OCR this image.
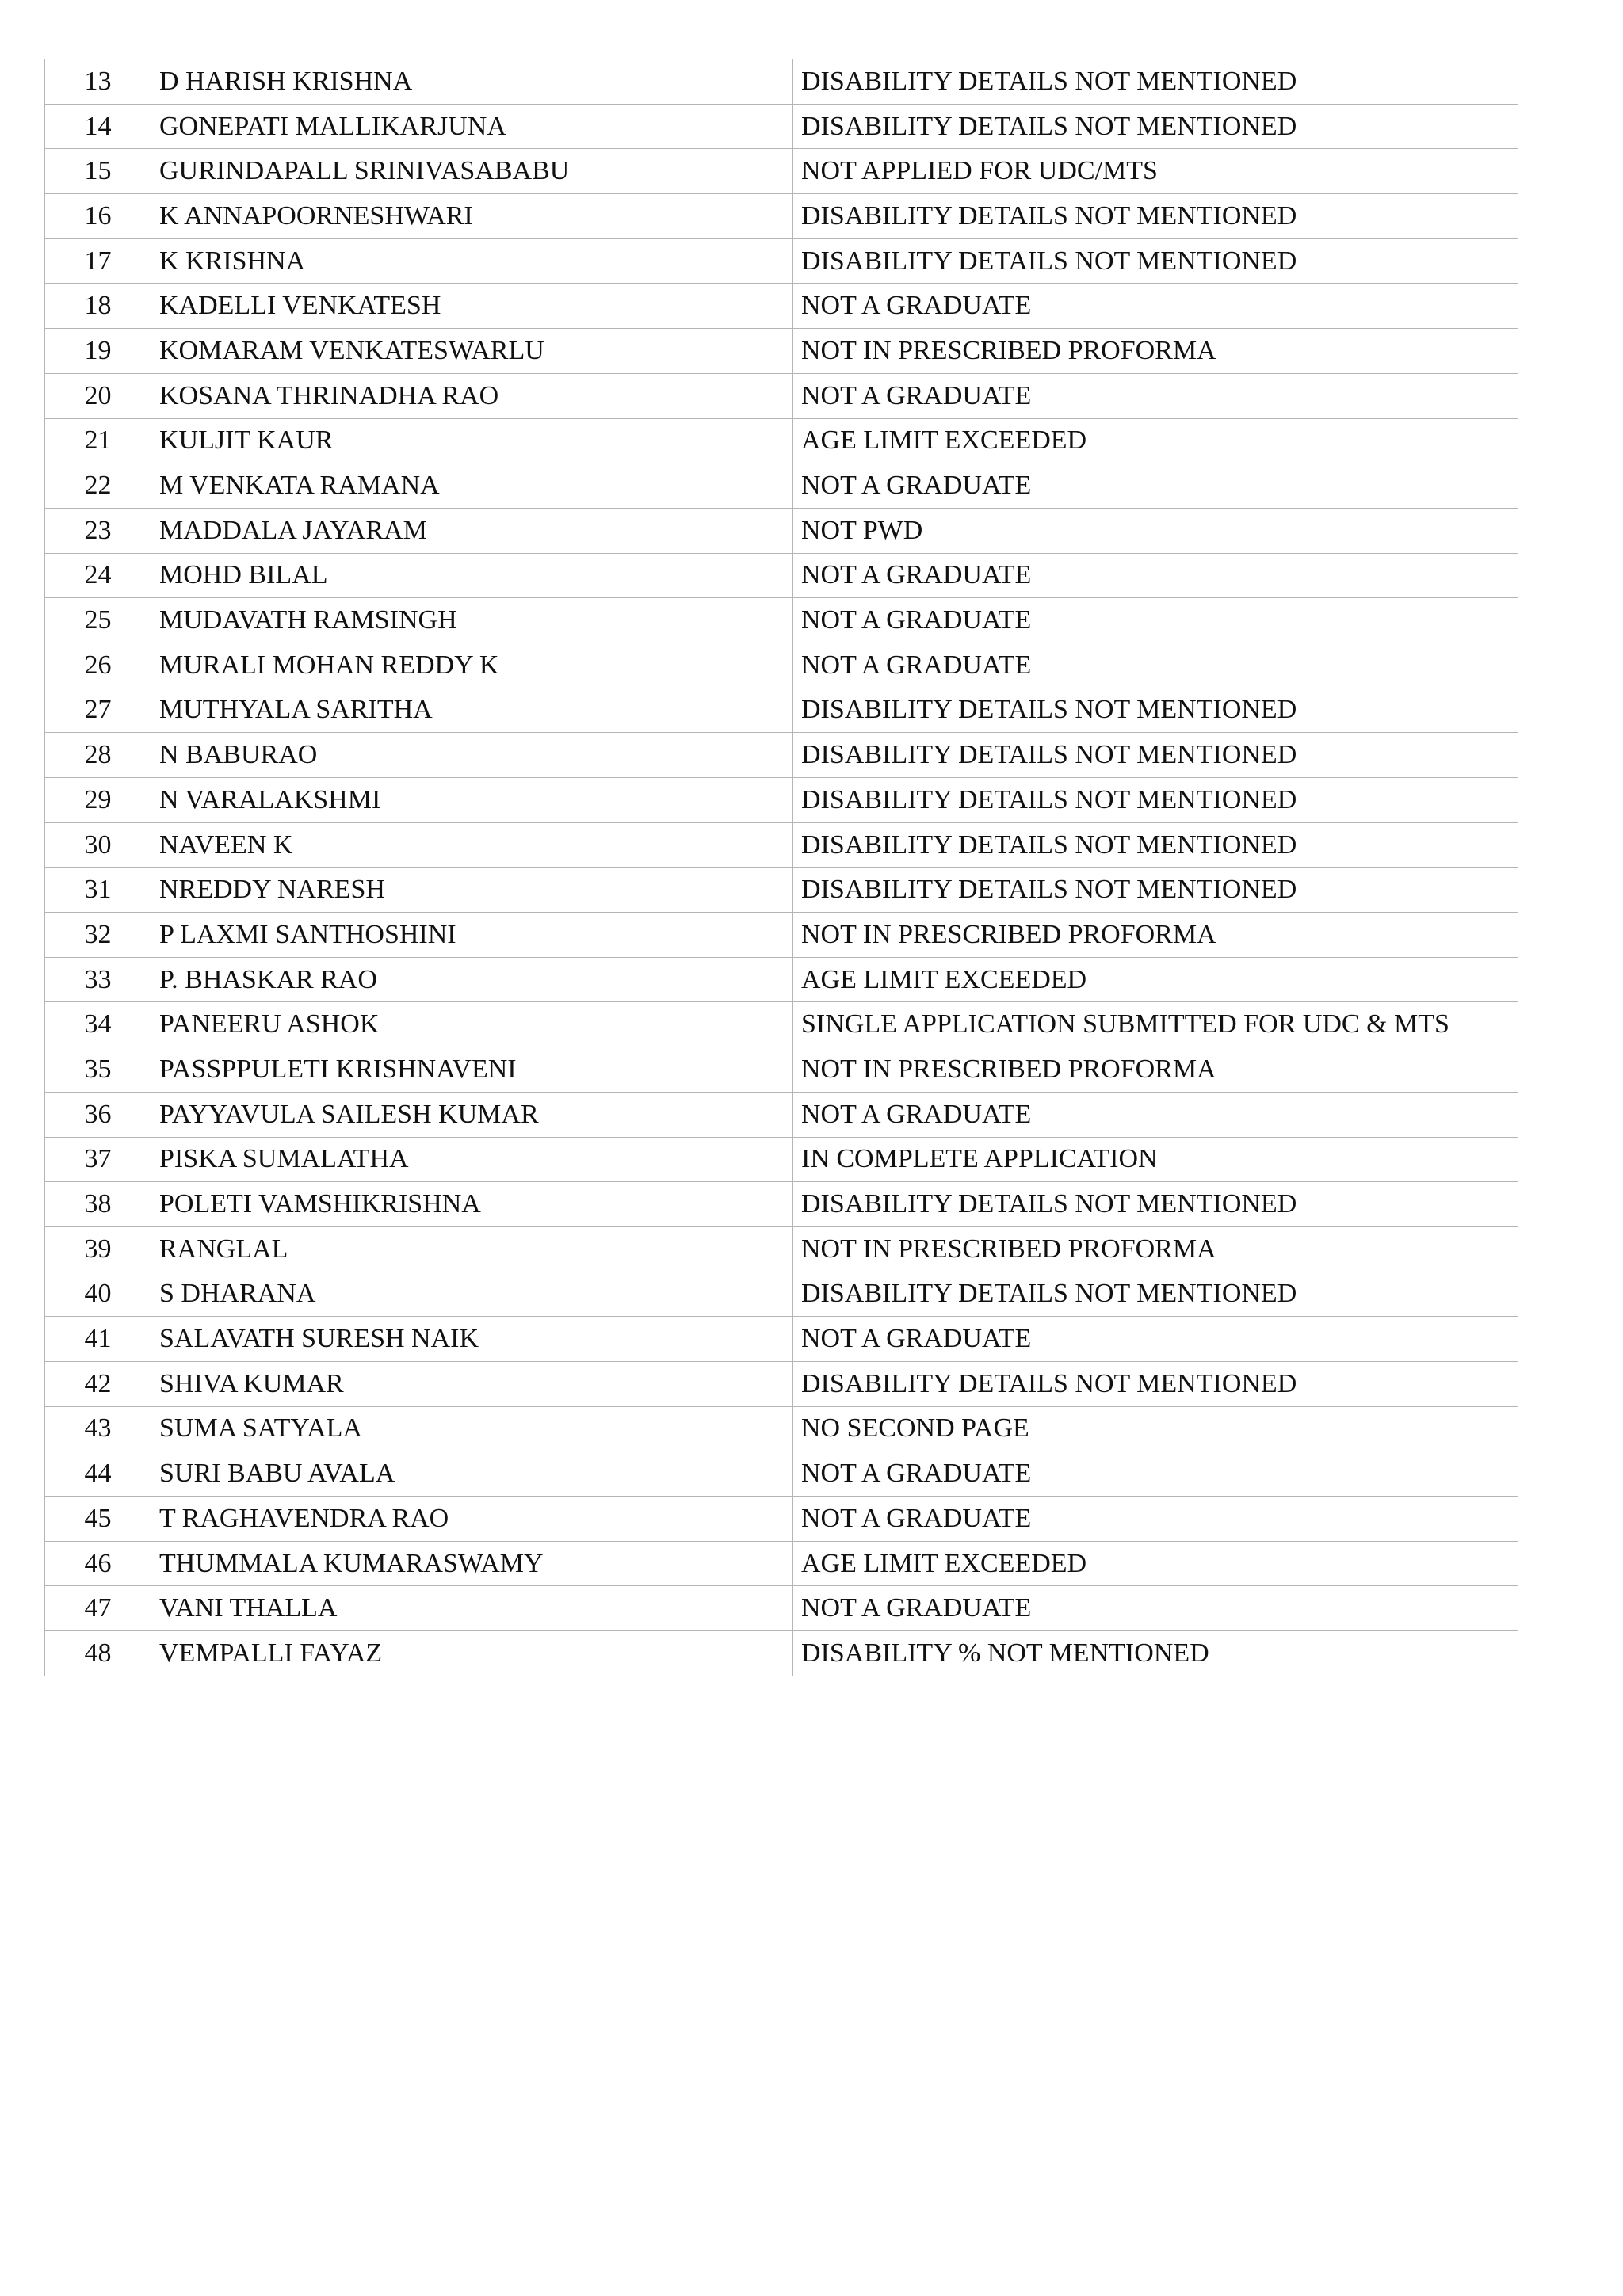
13	D HARISH KRISHNA	DISABILITY DETAILS NOT MENTIONED
14	GONEPATI MALLIKARJUNA	DISABILITY DETAILS NOT MENTIONED
15	GURINDAPALL SRINIVASABABU	NOT APPLIED FOR UDC/MTS
16	K ANNAPOORNESHWARI	DISABILITY DETAILS NOT MENTIONED
17	K KRISHNA	DISABILITY DETAILS NOT MENTIONED
18	KADELLI VENKATESH	NOT A GRADUATE
19	KOMARAM VENKATESWARLU	NOT IN PRESCRIBED PROFORMA
20	KOSANA THRINADHA RAO	NOT A GRADUATE
21	KULJIT KAUR	AGE LIMIT EXCEEDED
22	M VENKATA RAMANA	NOT A GRADUATE
23	MADDALA JAYARAM	NOT PWD
24	MOHD BILAL	NOT A GRADUATE
25	MUDAVATH RAMSINGH	NOT A GRADUATE
26	MURALI MOHAN REDDY K	NOT A GRADUATE
27	MUTHYALA SARITHA	DISABILITY DETAILS NOT MENTIONED
28	N BABURAO	DISABILITY DETAILS NOT MENTIONED
29	N VARALAKSHMI	DISABILITY DETAILS NOT MENTIONED
30	NAVEEN K	DISABILITY DETAILS NOT MENTIONED
31	NREDDY NARESH	DISABILITY DETAILS NOT MENTIONED
32	P LAXMI SANTHOSHINI	NOT IN PRESCRIBED PROFORMA
33	P. BHASKAR RAO	AGE LIMIT EXCEEDED
34	PANEERU ASHOK	SINGLE APPLICATION SUBMITTED FOR UDC & MTS
35	PASSPPULETI KRISHNAVENI	NOT IN PRESCRIBED PROFORMA
36	PAYYAVULA SAILESH KUMAR	NOT A GRADUATE
37	PISKA SUMALATHA	IN COMPLETE APPLICATION
38	POLETI VAMSHIKRISHNA	DISABILITY DETAILS NOT MENTIONED
39	RANGLAL	NOT IN PRESCRIBED PROFORMA
40	S DHARANA	DISABILITY DETAILS NOT MENTIONED
41	SALAVATH SURESH NAIK	NOT A GRADUATE
42	SHIVA KUMAR	DISABILITY DETAILS NOT MENTIONED
43	SUMA SATYALA	NO SECOND PAGE
44	SURI BABU AVALA	NOT A GRADUATE
45	T RAGHAVENDRA RAO	NOT A GRADUATE
46	THUMMALA KUMARASWAMY	AGE LIMIT EXCEEDED
47	VANI THALLA	NOT A GRADUATE
48	VEMPALLI FAYAZ	DISABILITY % NOT MENTIONED
